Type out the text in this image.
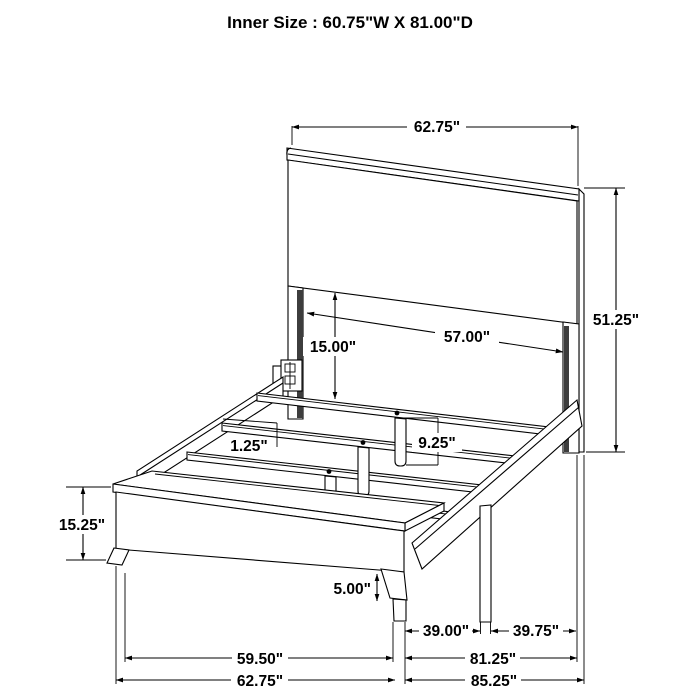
Inner Size : 60.75"W X 81.00"D
62.75"
51.25"
15.00"
57.00"
1.25"	9.25"
15.25"
5.00"
39.00"	39.75"
59.50"	81.25"
62.75"	85.25"
